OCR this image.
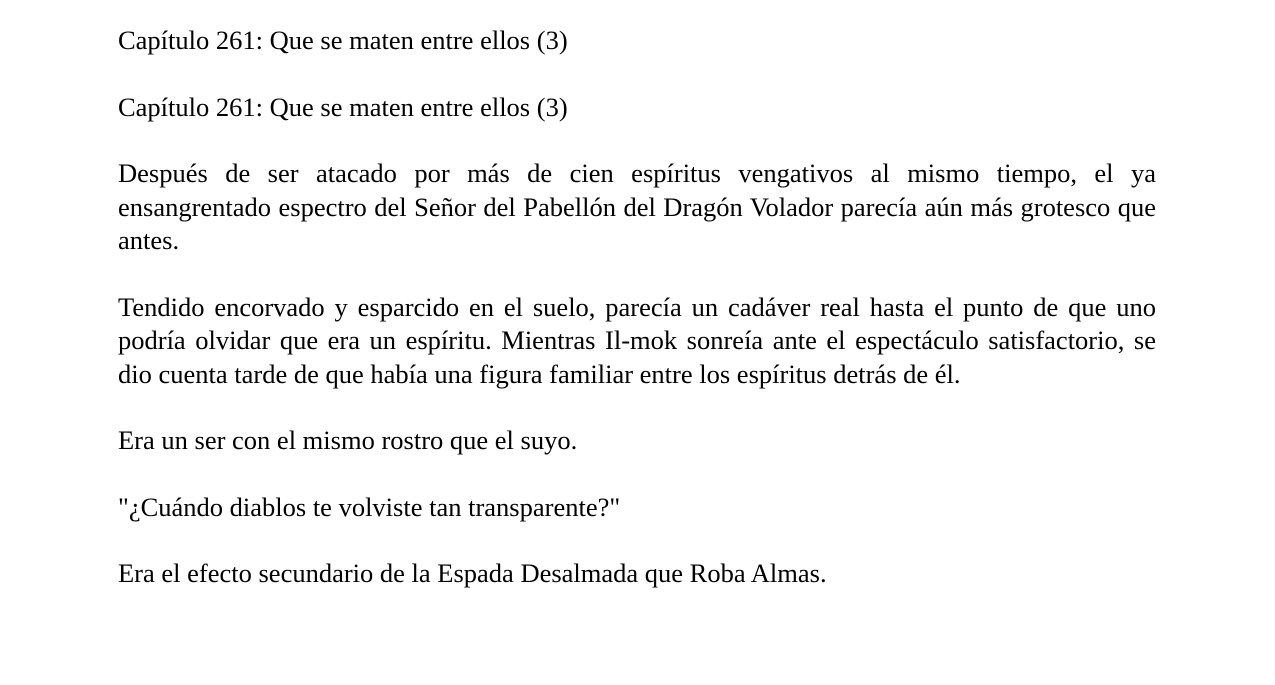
Capítulo 261: Que se maten entre ellos (3)

Capítulo 261: Que se maten entre ellos (3)

Después de ser atacado por más de cien espíritus vengativos al mismo tiempo, el ya ensangrentado espectro del Señor del Pabellón del Dragón Volador parecía aún más grotesco que antes.

Tendido encorvado y esparcido en el suelo, parecía un cadáver real hasta el punto de que uno podría olvidar que era un espíritu. Mientras Il-mok sonreía ante el espectáculo satisfactorio, se dio cuenta tarde de que había una figura familiar entre los espíritus detrás de él.

Era un ser con el mismo rostro que el suyo.

"¿Cuándo diablos te volviste tan transparente?"

Era el efecto secundario de la Espada Desalmada que Roba Almas.
